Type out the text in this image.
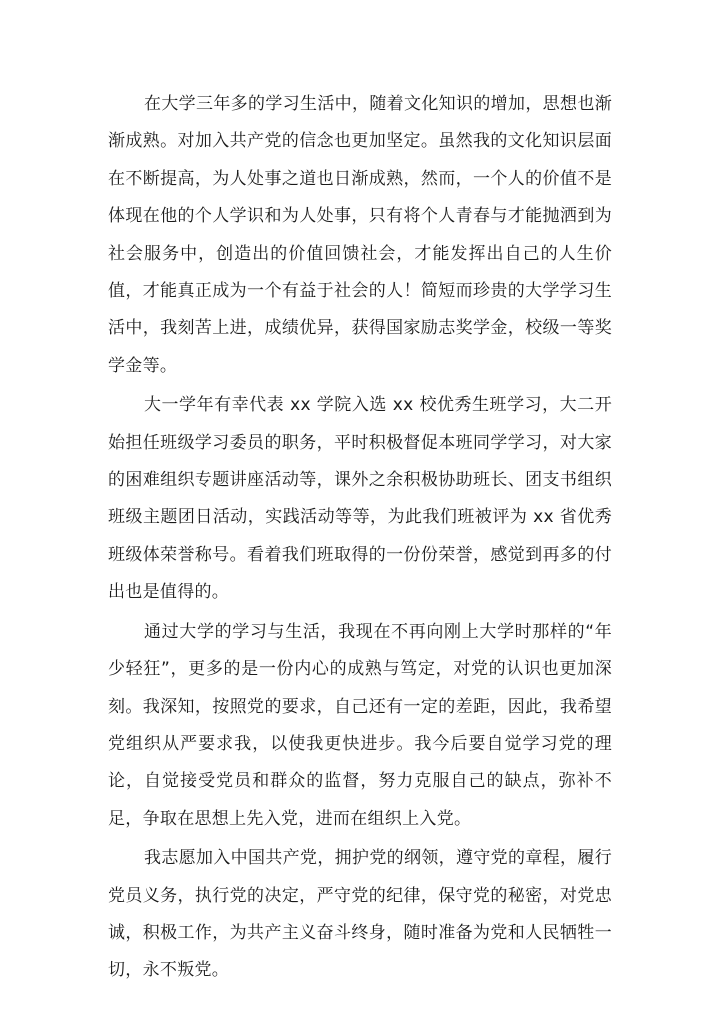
在大学三年多的学习生活中，随着文化知识的增加，思想也渐渐成熟。对加入共产党的信念也更加坚定。虽然我的文化知识层面在不断提高，为人处事之道也日渐成熟，然而，一个人的价值不是体现在他的个人学识和为人处事，只有将个人青春与才能抛洒到为社会服务中，创造出的价值回馈社会，才能发挥出自己的人生价值，才能真正成为一个有益于社会的人！简短而珍贵的大学学习生活中，我刻苦上进，成绩优异，获得国家励志奖学金，校级一等奖学金等。

大一学年有幸代表 xx 学院入选 xx 校优秀生班学习，大二开始担任班级学习委员的职务，平时积极督促本班同学学习，对大家的困难组织专题讲座活动等，课外之余积极协助班长、团支书组织班级主题团日活动，实践活动等等，为此我们班被评为 xx 省优秀班级体荣誉称号。看着我们班取得的一份份荣誉，感觉到再多的付出也是值得的。

通过大学的学习与生活，我现在不再向刚上大学时那样的“年少轻狂”，更多的是一份内心的成熟与笃定，对党的认识也更加深刻。我深知，按照党的要求，自己还有一定的差距，因此，我希望党组织从严要求我，以使我更快进步。我今后要自觉学习党的理论，自觉接受党员和群众的监督，努力克服自己的缺点，弥补不足，争取在思想上先入党，进而在组织上入党。

我志愿加入中国共产党，拥护党的纲领，遵守党的章程，履行党员义务，执行党的决定，严守党的纪律，保守党的秘密，对党忠诚，积极工作，为共产主义奋斗终身，随时准备为党和人民牺牲一切，永不叛党。
